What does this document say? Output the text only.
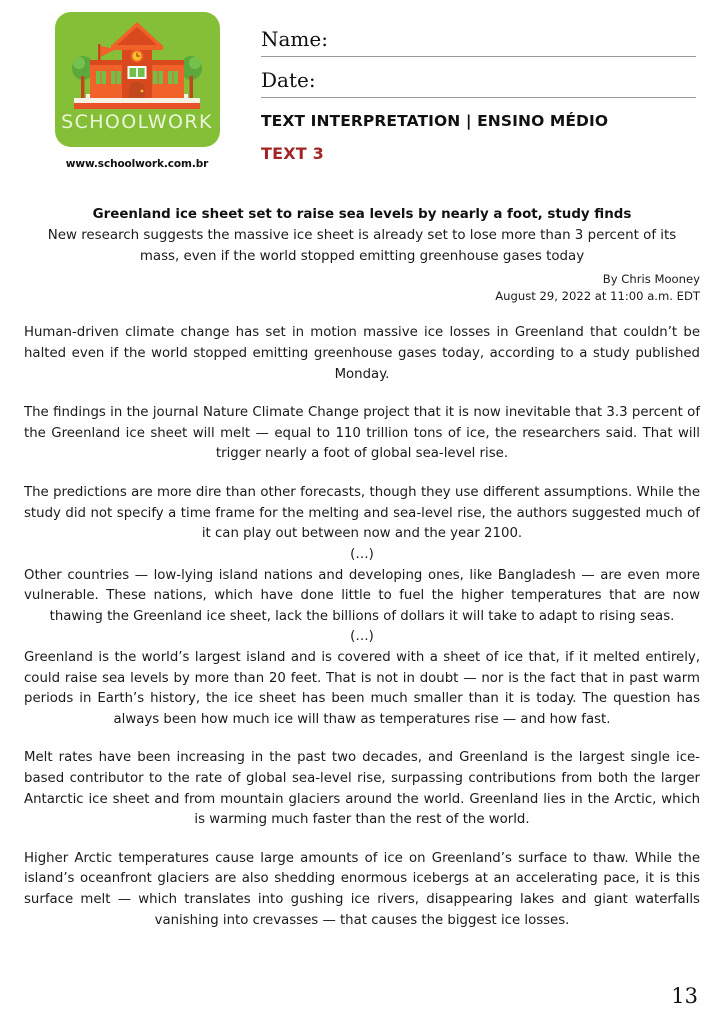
SCHOOLWORK
www.schoolwork.com.br
Name:
Date:
TEXT INTERPRETATION | ENSINO MÉDIO
TEXT 3
Greenland ice sheet set to raise sea levels by nearly a foot, study finds
New research suggests the massive ice sheet is already set to lose more than 3 percent of its mass, even if the world stopped emitting greenhouse gases today
By Chris Mooney
August 29, 2022 at 11:00 a.m. EDT

Human-driven climate change has set in motion massive ice losses in Greenland that couldn’t be halted even if the world stopped emitting greenhouse gases today, according to a study published Monday.

The findings in the journal Nature Climate Change project that it is now inevitable that 3.3 percent of the Greenland ice sheet will melt — equal to 110 trillion tons of ice, the researchers said. That will trigger nearly a foot of global sea-level rise.

The predictions are more dire than other forecasts, though they use different assumptions. While the study did not specify a time frame for the melting and sea-level rise, the authors suggested much of it can play out between now and the year 2100.

(…)

Other countries — low-lying island nations and developing ones, like Bangladesh — are even more vulnerable. These nations, which have done little to fuel the higher temperatures that are now thawing the Greenland ice sheet, lack the billions of dollars it will take to adapt to rising seas.

(…)

Greenland is the world’s largest island and is covered with a sheet of ice that, if it melted entirely, could raise sea levels by more than 20 feet. That is not in doubt — nor is the fact that in past warm periods in Earth’s history, the ice sheet has been much smaller than it is today. The question has always been how much ice will thaw as temperatures rise — and how fast.

Melt rates have been increasing in the past two decades, and Greenland is the largest single ice-based contributor to the rate of global sea-level rise, surpassing contributions from both the larger Antarctic ice sheet and from mountain glaciers around the world. Greenland lies in the Arctic, which is warming much faster than the rest of the world.

Higher Arctic temperatures cause large amounts of ice on Greenland’s surface to thaw. While the island’s oceanfront glaciers are also shedding enormous icebergs at an accelerating pace, it is this surface melt — which translates into gushing ice rivers, disappearing lakes and giant waterfalls vanishing into crevasses — that causes the biggest ice losses.

13
